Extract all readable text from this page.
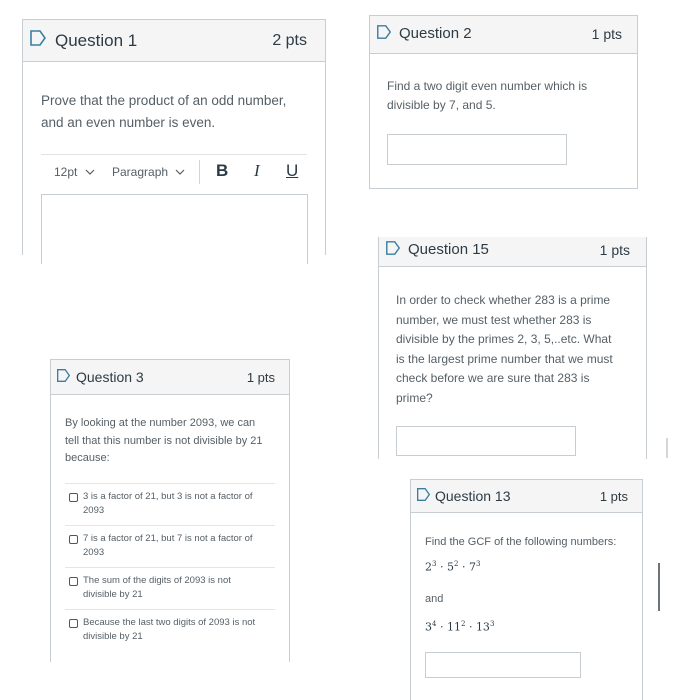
Question 1	2 pts
Prove that the product of an odd number,
and an even number is even.
12pt	Paragraph	B I U
Question 2	1 pts
Find a two digit even number which is
divisible by 7, and 5.
Question 15	1 pts
In order to check whether 283 is a prime
number, we must test whether 283 is
divisible by the primes 2, 3, 5,..etc. What
is the largest prime number that we must
check before we are sure that 283 is
prime?
Question 3	1 pts
By looking at the number 2093, we can
tell that this number is not divisible by 21
because:
3 is a factor of 21, but 3 is not a factor of
2093
7 is a factor of 21, but 7 is not a factor of
2093
The sum of the digits of 2093 is not
divisible by 21
Because the last two digits of 2093 is not
divisible by 21
Question 13	1 pts
Find the GCF of the following numbers:
$2^3 \cdot 5^2 \cdot 7^3$
and
$3^4 \cdot 11^2 \cdot 13^3$
